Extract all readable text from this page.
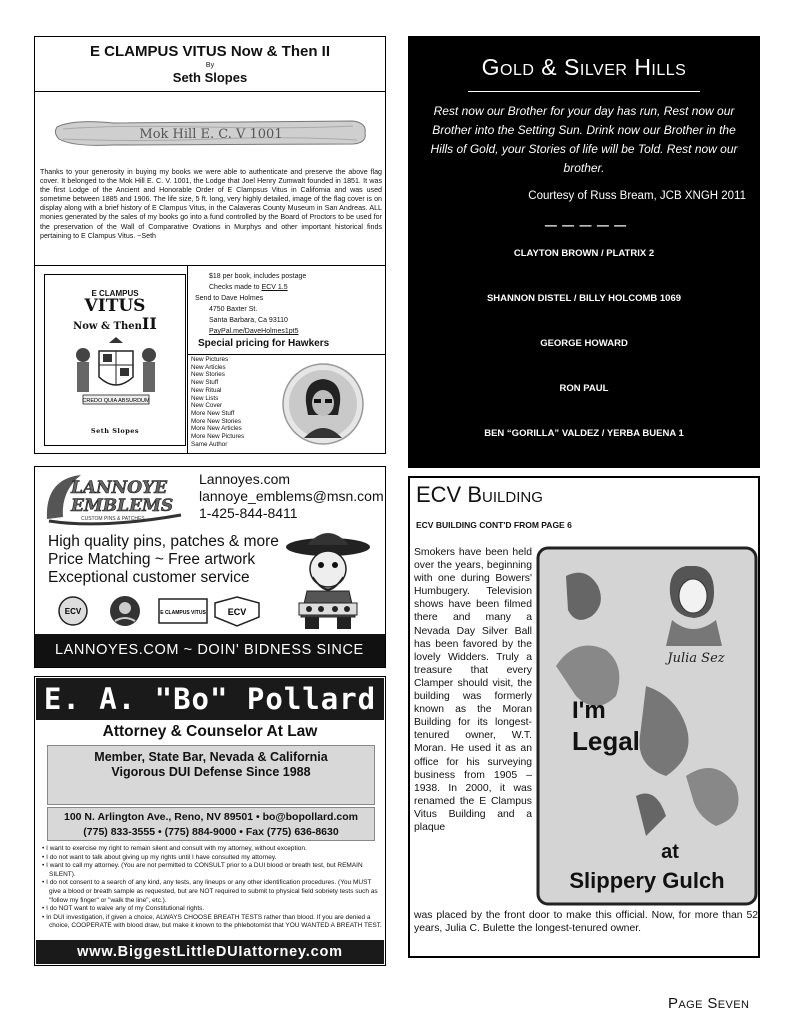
E CLAMPUS VITUS Now & Then II
By
Seth Slopes
Mok Hill E. C. V 1001

Thanks to your generosity in buying my books we were able to authenticate and preserve the above flag cover. It belonged to the Mok Hill E. C. V. 1001, the Lodge that Joel Henry Zumwalt founded in 1851. It was the first Lodge of the Ancient and Honorable Order of E Clampsus Vitus in California and was used sometime between 1885 and 1906. The life size, 5 ft. long, very highly detailed, image of the flag cover is on display along with a brief history of E Clampus Vitus, in the Calaveras County Museum in San Andreas. ALL monies generated by the sales of my books go into a fund controlled by the Board of Proctors to be used for the preservation of the Wall of Comparative Ovations in Murphys and other important historical finds pertaining to E Clampus Vitus. ~Seth

E CLAMPUS
VITUS
Now & ThenII
CREDO QUIA ABSURDUM
Seth Slopes
$18 per book, includes postage
Checks made to ECV 1.5
Send to Dave Holmes
4750 Baxter St.
Santa Barbara, Ca 93110
PayPal.me/DaveHolmes1pt5
Special pricing for Hawkers
New Pictures
New Articles
New Stories
New Stuff
New Ritual
New Lists
New Cover
More New Stuff
More New Stories
More New Articles
More New Pictures
Same Author
Gold & Silver Hills

Rest now our Brother for your day has run, Rest now our Brother into the Setting Sun. Drink now our Brother in the Hills of Gold, your Stories of life will be Told. Rest now our brother.

Courtesy of Russ Bream, JCB XNGH 2011
— — — — —
CLAYTON BROWN / PLATRIX 2
SHANNON DISTEL / BILLY HOLCOMB 1069
GEORGE HOWARD
RON PAUL
BEN “GORILLA” VALDEZ / YERBA BUENA 1
LANNOYE
EMBLEMS
CUSTOM PINS & PATCHES
Lannoyes.com
lannoye_emblems@msn.com
1-425-844-8411
High quality pins, patches & more
Price Matching ~ Free artwork
Exceptional customer service
ECV	E CLAMPUS VITUS ECV
LANNOYES.COM ~ DOIN' BIDNESS SINCE
E. A. "Bo" Pollard
Attorney & Counselor At Law
Member, State Bar, Nevada & California
Vigorous DUI Defense Since 1988
100 N. Arlington Ave., Reno, NV 89501 • bo@bopollard.com
(775) 833-3555 • (775) 884-9000 • Fax (775) 636-8630
• I want to exercise my right to remain silent and consult with my attorney, without exception.
• I do not want to talk about giving up my rights until I have consulted my attorney.
• I want to call my attorney. (You are not permitted to CONSULT prior to a DUI blood or breath test, but REMAIN SILENT).
• I do not consent to a search of any kind, any tests, any lineups or any other identification procedures. (You MUST give a blood or breath sample as requested, but are NOT required to submit to physical field sobriety tests such as "follow my finger" or "walk the line", etc.).
• I do NOT want to waive any of my Constitutional rights.
• In DUI investigation, if given a choice, ALWAYS CHOOSE BREATH TESTS rather than blood. If you are denied a choice, COOPERATE with blood draw, but make it known to the phlebotomist that YOU WANTED A BREATH TEST.
www.BiggestLittleDUIattorney.com
ECV Building
ECV BUILDING CONT'D FROM PAGE 6

Smokers have been held over the years, beginning with one during Bowers' Humbugery. Television shows have been filmed there and many a Nevada Day Silver Ball has been favored by the lovely Widders. Truly a treasure that every Clamper should visit, the building was formerly known as the Moran Building for its longest-tenured owner, W.T. Moran. He used it as an office for his surveying business from 1905 – 1938. In 2000, it was renamed the E Clampus Vitus Building and a plaque

Julia Sez
I'm
Legal
at
Slippery Gulch

was placed by the front door to make this official. Now, for more than 52 years, Julia C. Bulette the longest-tenured owner.

Page Seven
